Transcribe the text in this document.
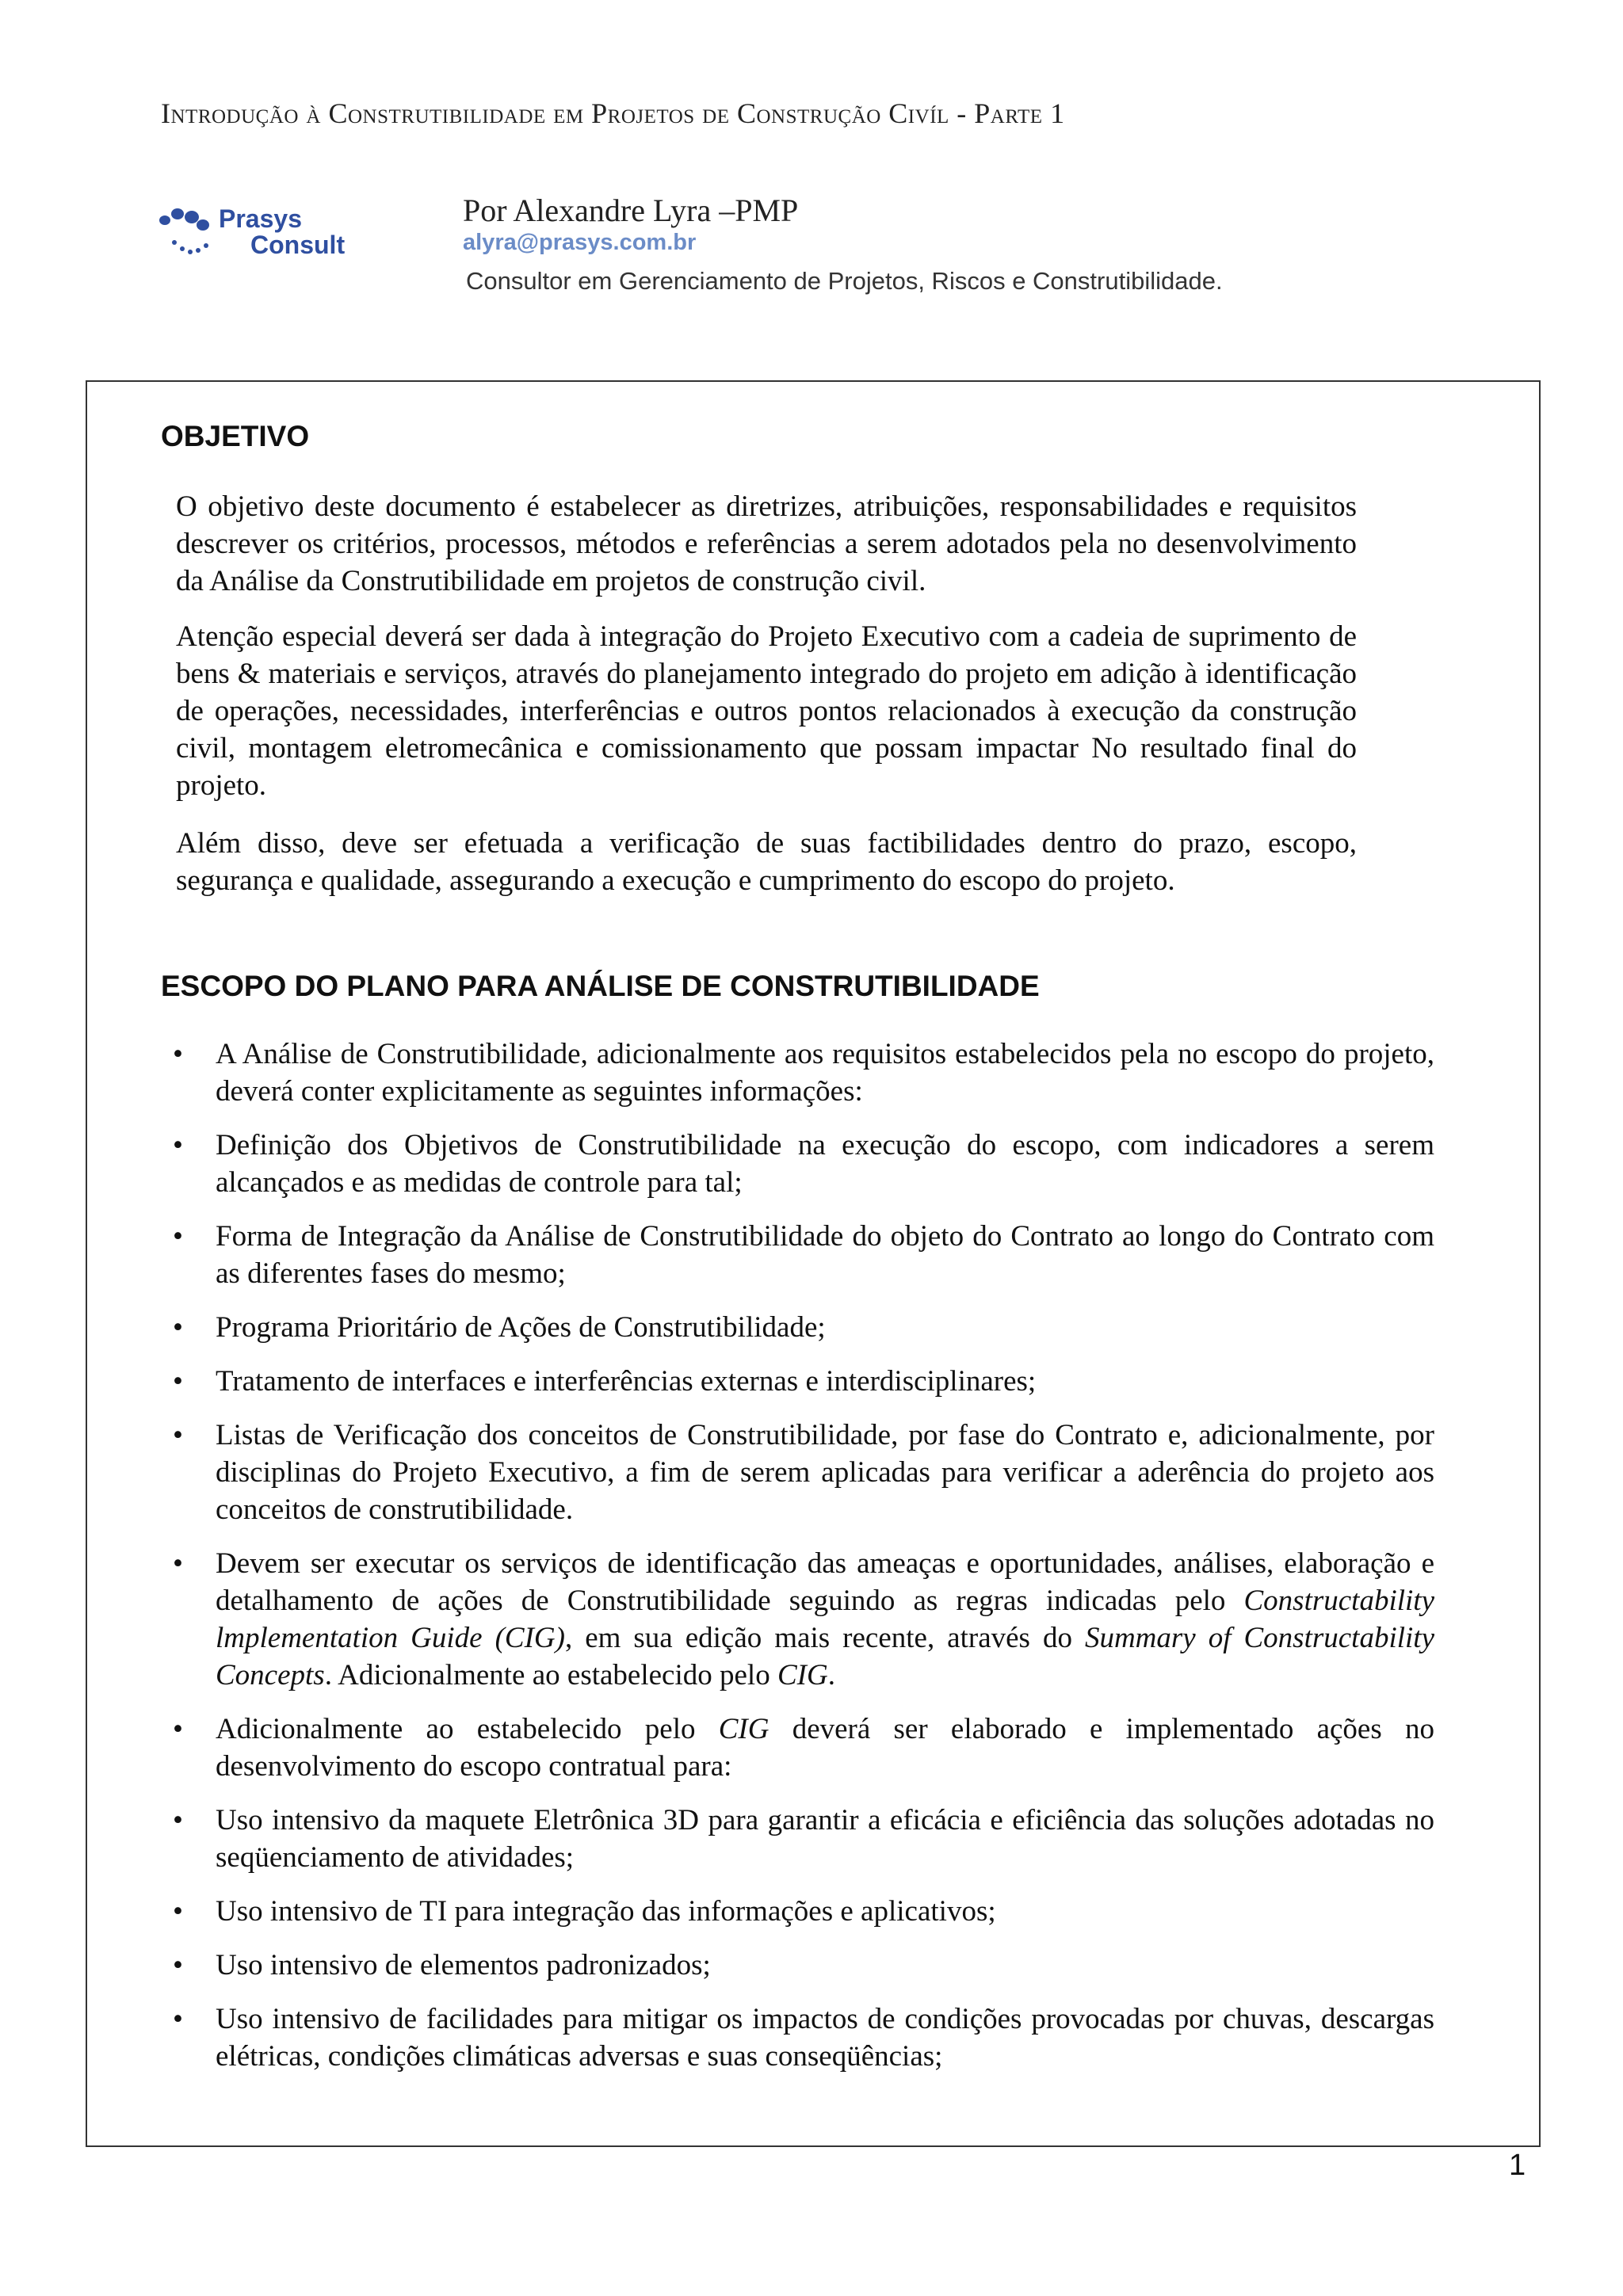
Introdução à Construtibilidade em Projetos de Construção Civíl - Parte 1
Prasys
Consult
Por Alexandre Lyra –PMP
alyra@prasys.com.br
Consultor em Gerenciamento de Projetos, Riscos e Construtibilidade.
OBJETIVO

O objetivo deste documento é estabelecer as diretrizes, atribuições, responsabilidades e requisitos descrever os critérios, processos, métodos e referências a serem adotados pela no desenvolvimento da Análise da Construtibilidade em projetos de construção civil.

Atenção especial deverá ser dada à integração do Projeto Executivo com a cadeia de suprimento de bens & materiais e serviços, através do planejamento integrado do projeto em adição à identificação de operações, necessidades, interferências e outros pontos relacionados à execução da construção civil, montagem eletromecânica e comissionamento que possam impactar No resultado final do projeto.

Além disso, deve ser efetuada a verificação de suas factibilidades dentro do prazo, escopo, segurança e qualidade, assegurando a execução e cumprimento do escopo do projeto.

ESCOPO DO PLANO PARA ANÁLISE DE CONSTRUTIBILIDADE
• A Análise de Construtibilidade, adicionalmente aos requisitos estabelecidos pela no escopo do projeto, deverá conter explicitamente as seguintes informações:
• Definição dos Objetivos de Construtibilidade na execução do escopo, com indicadores a serem alcançados e as medidas de controle para tal;
• Forma de Integração da Análise de Construtibilidade do objeto do Contrato ao longo do Contrato com as diferentes fases do mesmo;
• Programa Prioritário de Ações de Construtibilidade;
• Tratamento de interfaces e interferências externas e interdisciplinares;
• Listas de Verificação dos conceitos de Construtibilidade, por fase do Contrato e, adicionalmente, por disciplinas do Projeto Executivo, a fim de serem aplicadas para verificar a aderência do projeto aos conceitos de construtibilidade.
• Devem ser executar os serviços de identificação das ameaças e oportunidades, análises, elaboração e detalhamento de ações de Construtibilidade seguindo as regras indicadas pelo Constructability lmplementation Guide (CIG), em sua edição mais recente, através do Summary of Constructability Concepts. Adicionalmente ao estabelecido pelo CIG.
• Adicionalmente ao estabelecido pelo CIG deverá ser elaborado e implementado ações no desenvolvimento do escopo contratual para:
• Uso intensivo da maquete Eletrônica 3D para garantir a eficácia e eficiência das soluções adotadas no seqüenciamento de atividades;
• Uso intensivo de TI para integração das informações e aplicativos;
• Uso intensivo de elementos padronizados;
• Uso intensivo de facilidades para mitigar os impactos de condições provocadas por chuvas, descargas elétricas, condições climáticas adversas e suas conseqüências;
1
